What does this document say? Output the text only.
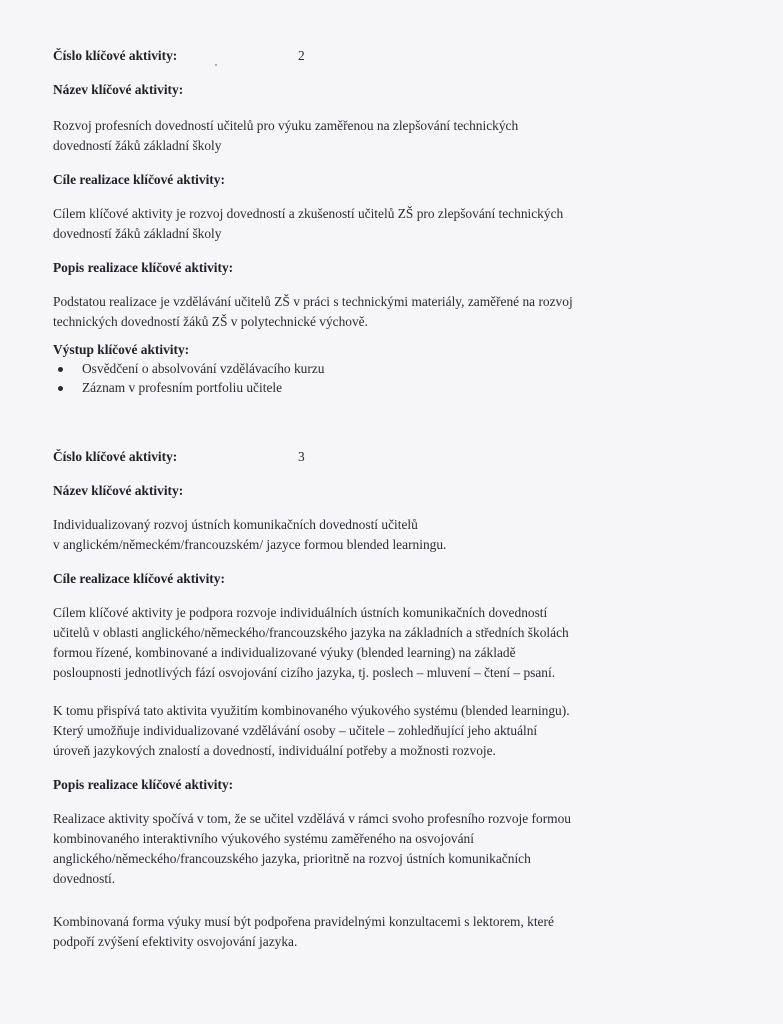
Číslo klíčové aktivity:	2
Název klíčové aktivity:
Rozvoj profesních dovedností učitelů pro výuku zaměřenou na zlepšování technických
dovedností žáků základní školy
Cíle realizace klíčové aktivity:
Cílem klíčové aktivity je rozvoj dovedností a zkušeností učitelů ZŠ pro zlepšování technických
dovedností žáků základní školy
Popis realizace klíčové aktivity:
Podstatou realizace je vzdělávání učitelů ZŠ v práci s technickými materiály, zaměřené na rozvoj
technických dovedností žáků ZŠ v polytechnické výchově.
Výstup klíčové aktivity:
Osvědčení o absolvování vzdělávacího kurzu
Záznam v profesním portfoliu učitele
Číslo klíčové aktivity:	3
Název klíčové aktivity:
Individualizovaný rozvoj ústních komunikačních dovedností učitelů
v anglickém/německém/francouzském/ jazyce formou blended learningu.
Cíle realizace klíčové aktivity:
Cílem klíčové aktivity je podpora rozvoje individuálních ústních komunikačních dovedností
učitelů v oblasti anglického/německého/francouzského jazyka na základních a středních školách
formou řízené, kombinované a individualizované výuky (blended learning) na základě
posloupnosti jednotlivých fází osvojování cizího jazyka, tj. poslech – mluvení – čtení – psaní.
K tomu přispívá tato aktivita využitím kombinovaného výukového systému (blended learningu).
Který umožňuje individualizované vzdělávání osoby – učitele – zohledňující jeho aktuální
úroveň jazykových znalostí a dovedností, individuální potřeby a možnosti rozvoje.
Popis realizace klíčové aktivity:
Realizace aktivity spočívá v tom, že se učitel vzdělává v rámci svoho profesního rozvoje formou
kombinovaného interaktivního výukového systému zaměřeného na osvojování
anglického/německého/francouzského jazyka, prioritně na rozvoj ústních komunikačních
dovedností.
Kombinovaná forma výuky musí být podpořena pravidelnými konzultacemi s lektorem, které
podpoří zvýšení efektivity osvojování jazyka.
